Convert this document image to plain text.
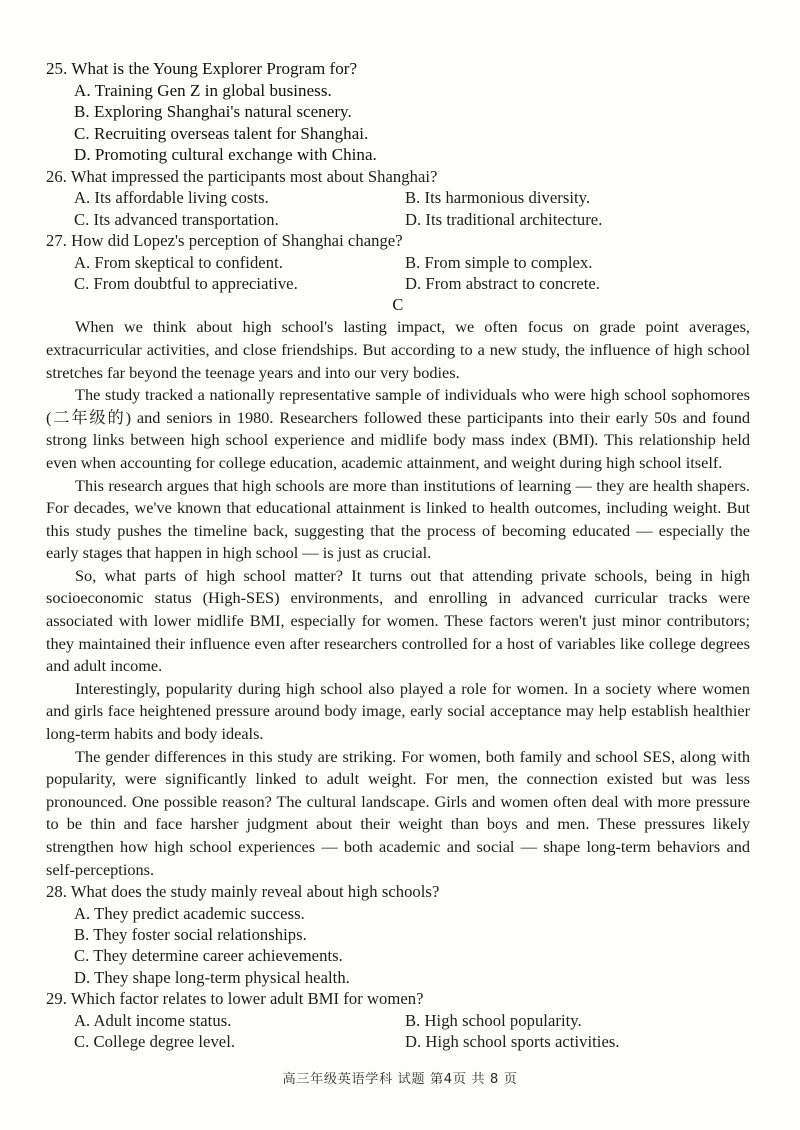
25. What is the Young Explorer Program for?
A. Training Gen Z in global business.
B. Exploring Shanghai's natural scenery.
C. Recruiting overseas talent for Shanghai.
D. Promoting cultural exchange with China.
26. What impressed the participants most about Shanghai?
A. Its affordable living costs.	B. Its harmonious diversity.
C. Its advanced transportation.	D. Its traditional architecture.
27. How did Lopez's perception of Shanghai change?
A. From skeptical to confident.	B. From simple to complex.
C. From doubtful to appreciative.	D. From abstract to concrete.
C

When we think about high school's lasting impact, we often focus on grade point averages, extracurricular activities, and close friendships. But according to a new study, the influence of high school stretches far beyond the teenage years and into our very bodies.

The study tracked a nationally representative sample of individuals who were high school sophomores (二年级的) and seniors in 1980. Researchers followed these participants into their early 50s and found strong links between high school experience and midlife body mass index (BMI). This relationship held even when accounting for college education, academic attainment, and weight during high school itself.

This research argues that high schools are more than institutions of learning — they are health shapers. For decades, we've known that educational attainment is linked to health outcomes, including weight. But this study pushes the timeline back, suggesting that the process of becoming educated — especially the early stages that happen in high school — is just as crucial.

So, what parts of high school matter? It turns out that attending private schools, being in high socioeconomic status (High-SES) environments, and enrolling in advanced curricular tracks were associated with lower midlife BMI, especially for women. These factors weren't just minor contributors; they maintained their influence even after researchers controlled for a host of variables like college degrees and adult income.

Interestingly, popularity during high school also played a role for women. In a society where women and girls face heightened pressure around body image, early social acceptance may help establish healthier long-term habits and body ideals.

The gender differences in this study are striking. For women, both family and school SES, along with popularity, were significantly linked to adult weight. For men, the connection existed but was less pronounced. One possible reason? The cultural landscape. Girls and women often deal with more pressure to be thin and face harsher judgment about their weight than boys and men. These pressures likely strengthen how high school experiences — both academic and social — shape long-term behaviors and self-perceptions.

28. What does the study mainly reveal about high schools?
A. They predict academic success.
B. They foster social relationships.
C. They determine career achievements.
D. They shape long-term physical health.
29. Which factor relates to lower adult BMI for women?
A. Adult income status.	B. High school popularity.
C. College degree level.	D. High school sports activities.
高三年级英语学科 试题 第4页 共 8 页
